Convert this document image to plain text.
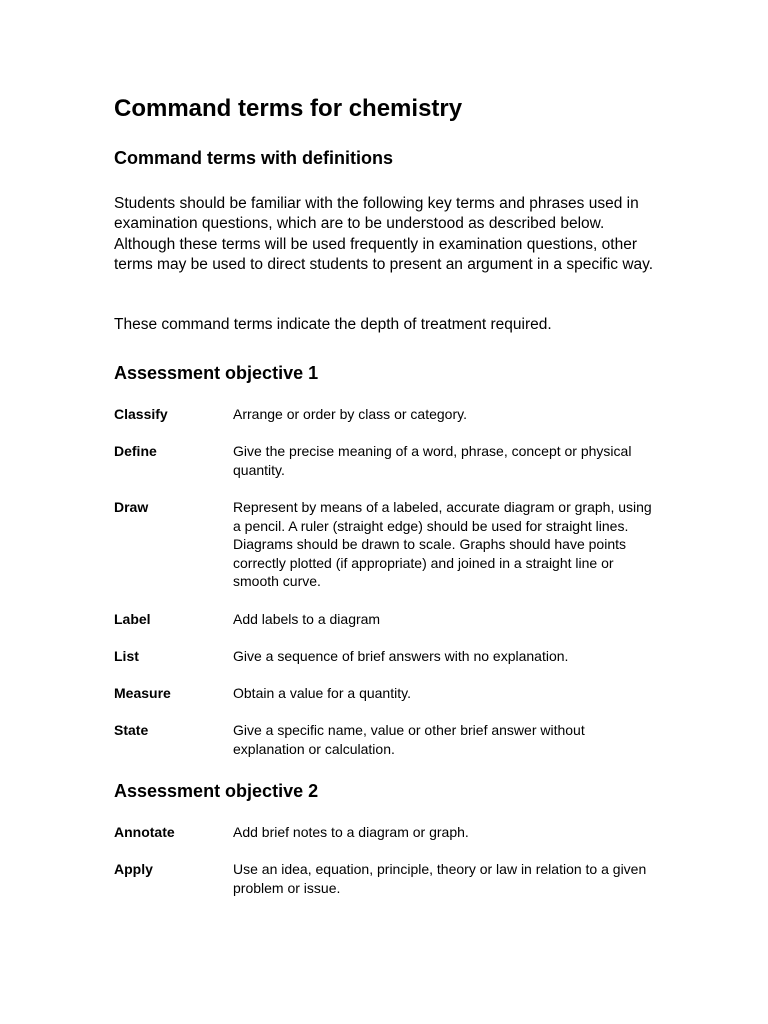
Command terms for chemistry
Command terms with definitions

Students should be familiar with the following key terms and phrases used in examination questions, which are to be understood as described below. Although these terms will be used frequently in examination questions, other terms may be used to direct students to present an argument in a specific way.

These command terms indicate the depth of treatment required.

Assessment objective 1
Classify	Arrange or order by class or category.
Define	Give the precise meaning of a word, phrase, concept or physical quantity.
Draw	Represent by means of a labeled, accurate diagram or graph, using a pencil. A ruler (straight edge) should be used for straight lines. Diagrams should be drawn to scale. Graphs should have points correctly plotted (if appropriate) and joined in a straight line or smooth curve.
Label	Add labels to a diagram
List	Give a sequence of brief answers with no explanation.
Measure	Obtain a value for a quantity.
State	Give a specific name, value or other brief answer without explanation or calculation.
Assessment objective 2
Annotate	Add brief notes to a diagram or graph.
Apply	Use an idea, equation, principle, theory or law in relation to a given problem or issue.
